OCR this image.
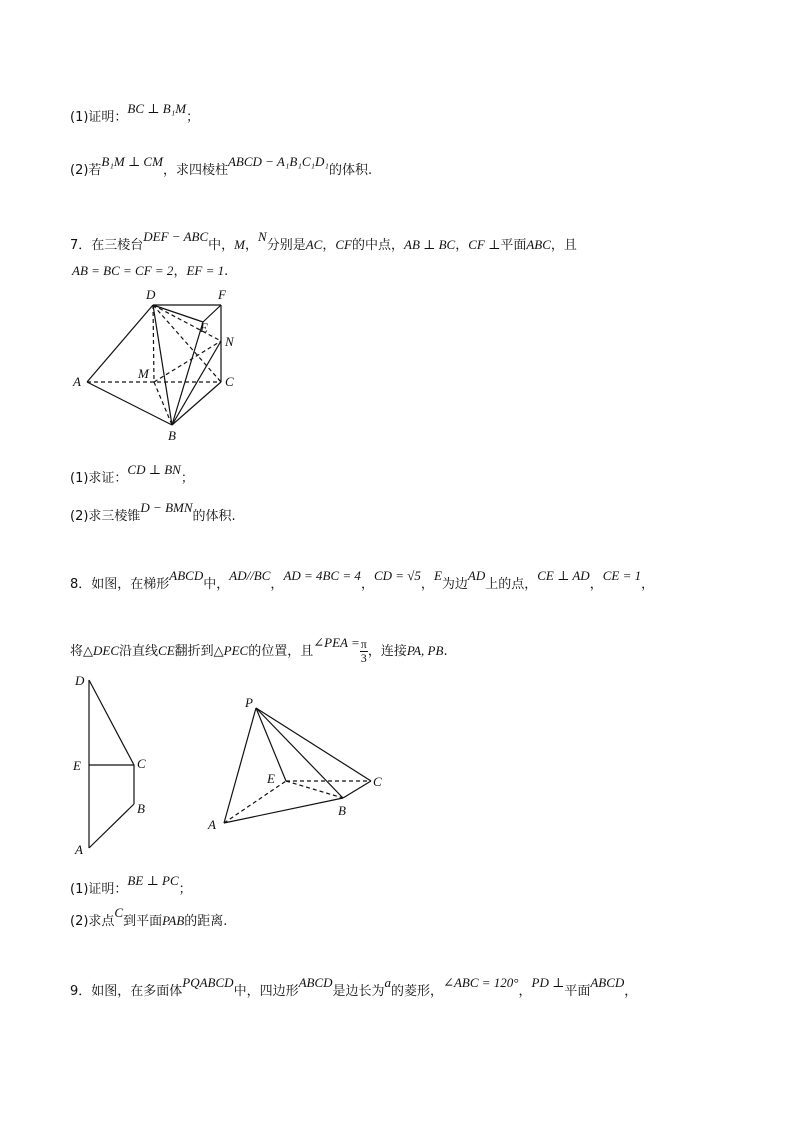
(1)证明：BC ⊥ B₁M；
(2)若B₁M ⊥ CM，求四棱柱ABCD − A₁B₁C₁D₁的体积.
7．在三棱台DEF − ABC中，M，N分别是AC，CF的中点，AB ⊥ BC，CF ⊥平面ABC，且
AB = BC = CF = 2，EF = 1.
D	F
E
N
A
M
C
B
(1)求证：CD ⊥ BN；
(2)求三棱锥D − BMN的体积.
8．如图，在梯形ABCD中，AD//BC，AD = 4BC = 4，CD = √5，E为边AD上的点，CE ⊥ AD，CE = 1，
将△DEC沿直线CE翻折到△PEC的位置，且∠PEA = $\frac{\pi}{3}$ ，连接PA, PB.
D
E	C
B
A
P
E	C
A
B
(1)证明：BE ⊥ PC；
(2)求点C到平面PAB的距离.
9．如图，在多面体PQABCD中，四边形ABCD是边长为a的菱形，∠ABC = 120°，PD ⊥平面ABCD，
